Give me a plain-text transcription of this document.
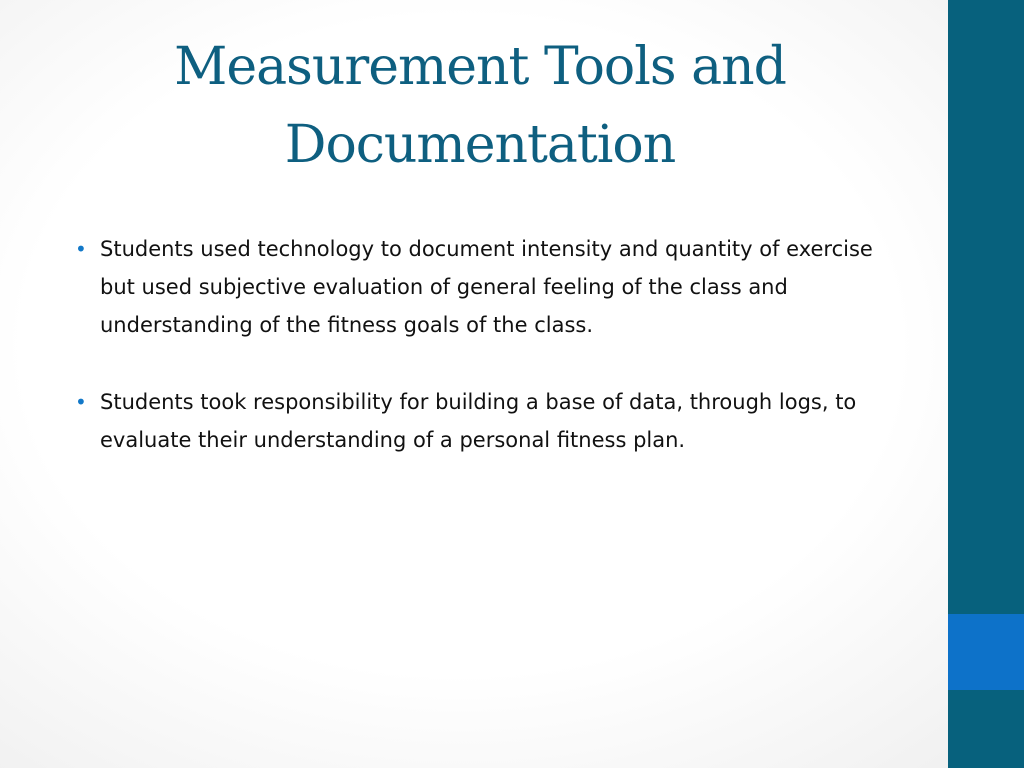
Measurement Tools and Documentation
• Students used technology to document intensity and quantity of exercise but used subjective evaluation of general feeling of the class and understanding of the fitness goals of the class.
• Students took responsibility for building a base of data, through logs, to evaluate their understanding of a personal fitness plan.
